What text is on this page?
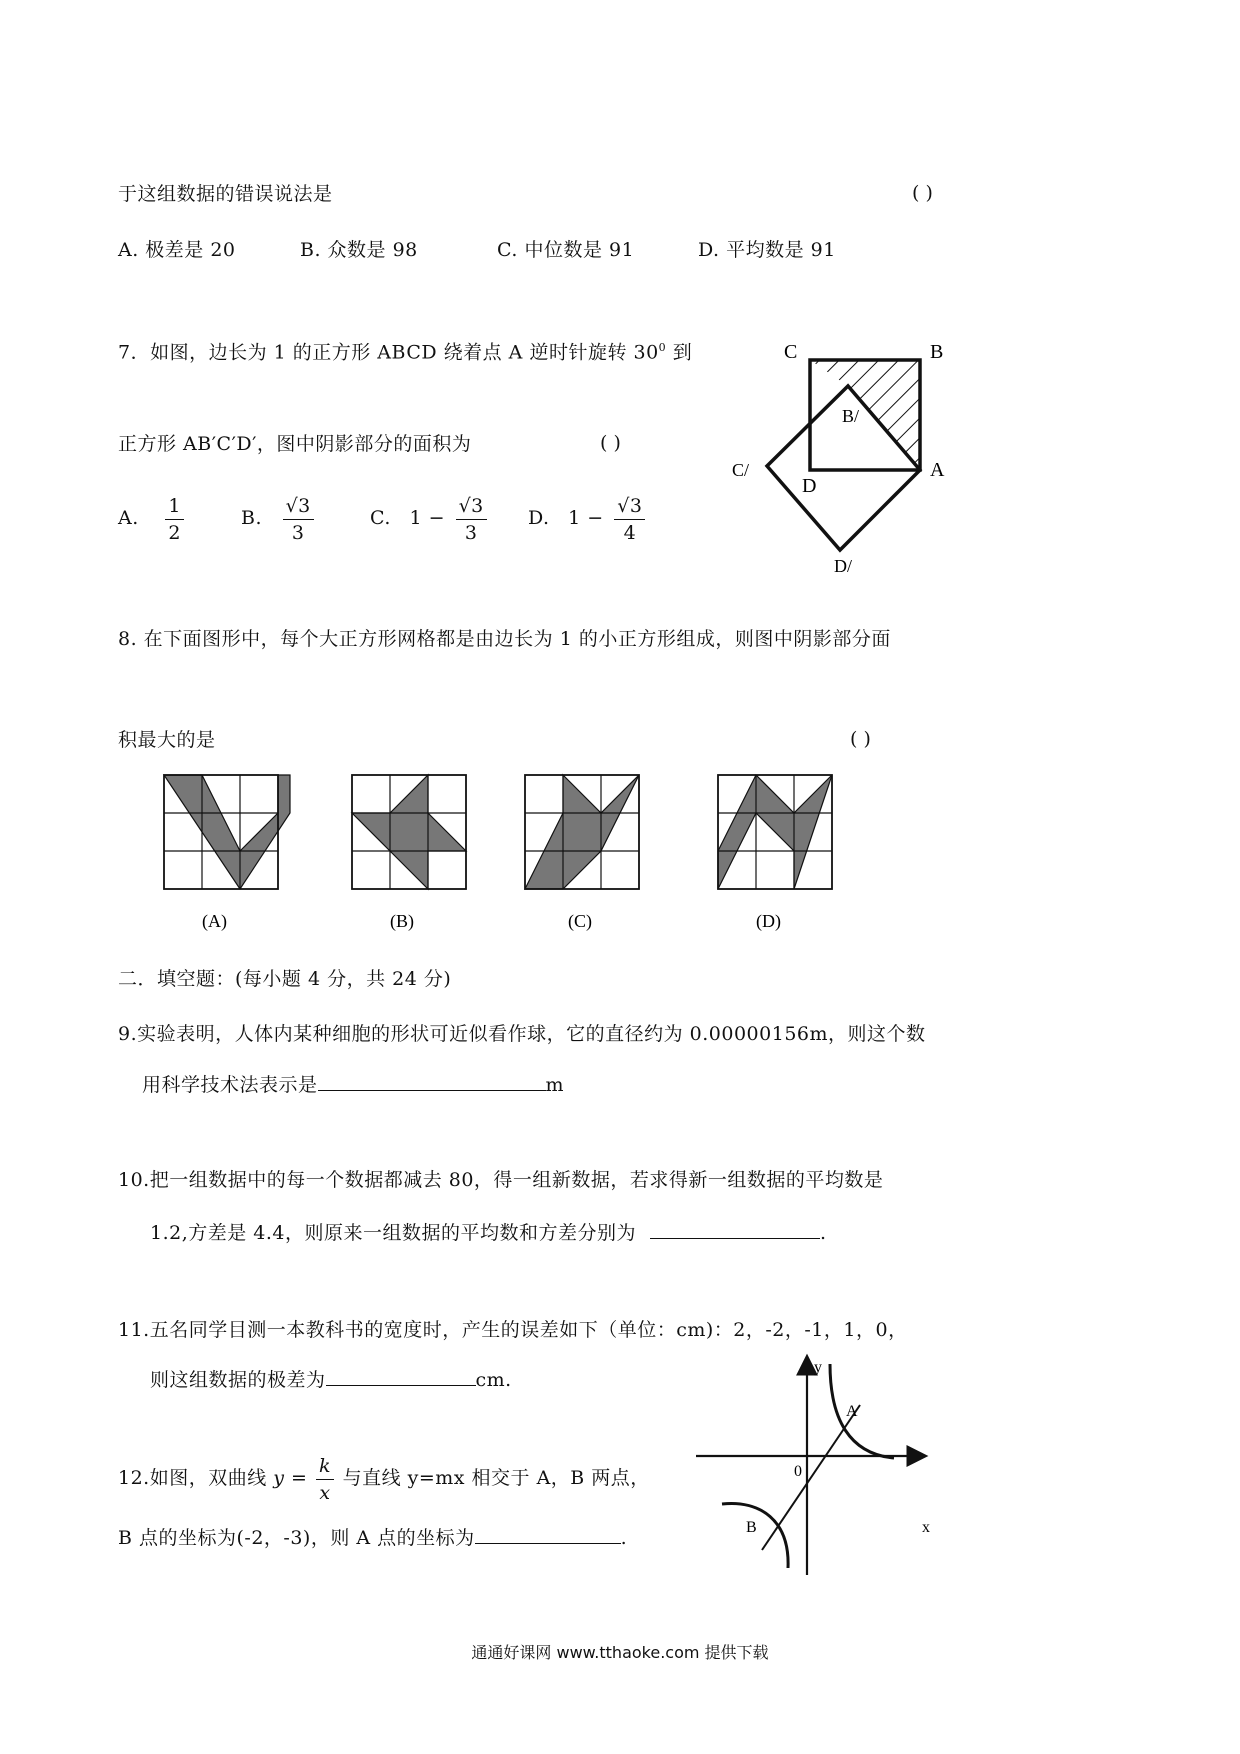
于这组数据的错误说法是	( )
A. 极差是 20	B. 众数是 98	C. 中位数是 91	D. 平均数是 91
7．如图，边长为 1 的正方形 ABCD 绕着点 A 逆时针旋转 $30^0$ 到
正方形 AB′C′D′，图中阴影部分的面积为	( )
A. $\frac{1}{2}$	B. $\frac{√3}{3}$	C. $1 - \frac{√3}{3} D$. $1 - \frac{√3}{4}$
C	B
B/
C/
D
A
D/
8. 在下面图形中，每个大正方形网格都是由边长为 1 的小正方形组成，则图中阴影部分面
积最大的是	( )
(A)	(B)	(C)	(D)
二．填空题：(每小题 4 分，共 24 分)
9.实验表明，人体内某种细胞的形状可近似看作球，它的直径约为 0.00000156m，则这个数
用科学技术法表示是	m
10.把一组数据中的每一个数据都减去 80，得一组新数据，若求得新一组数据的平均数是
1.2,方差是 4.4，则原来一组数据的平均数和方差分别为	.
11.五名同学目测一本教科书的宽度时，产生的误差如下（单位：cm)：2，-2，-1，1，0，
则这组数据的极差为	cm.
12.如图，双曲线 $y = \frac{k}{x}$ 与直线 y=mx 相交于 A，B 两点，
B 点的坐标为(-2，-3)，则 A 点的坐标为	.
y
A
0
B	x
通通好课网 www.tthaoke.com 提供下载
